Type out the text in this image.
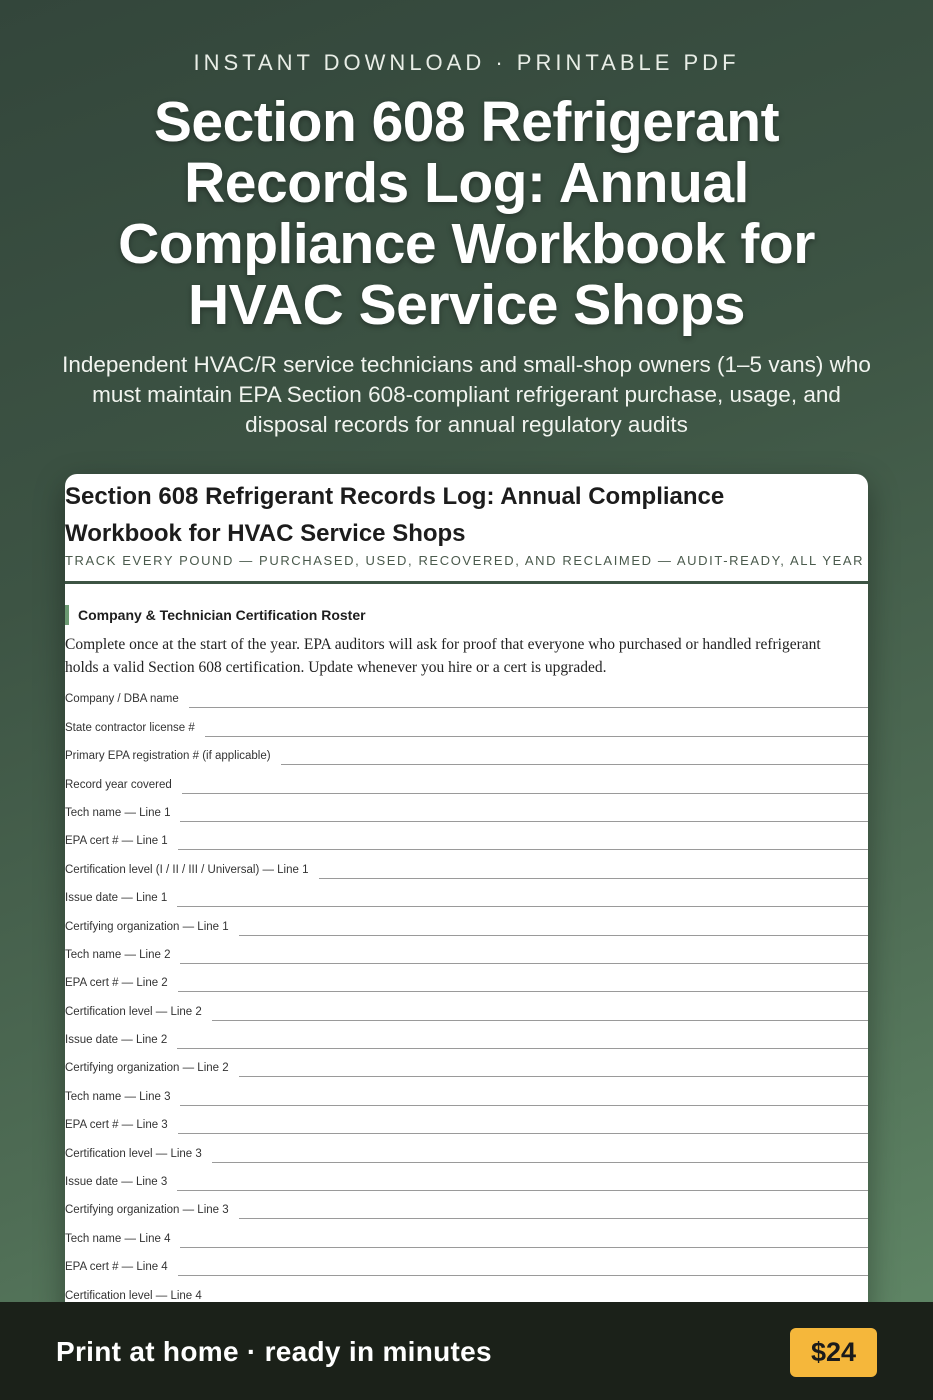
INSTANT DOWNLOAD · PRINTABLE PDF
Section 608 Refrigerant Records Log: Annual Compliance Workbook for HVAC Service Shops

Independent HVAC/R service technicians and small-shop owners (1–5 vans) who must maintain EPA Section 608-compliant refrigerant purchase, usage, and disposal records for annual regulatory audits

Section 608 Refrigerant Records Log: Annual Compliance Workbook for HVAC Service Shops
TRACK EVERY POUND — PURCHASED, USED, RECOVERED, AND RECLAIMED — AUDIT-READY, ALL YEAR
Company & Technician Certification Roster

Complete once at the start of the year. EPA auditors will ask for proof that everyone who purchased or handled refrigerant holds a valid Section 608 certification. Update whenever you hire or a cert is upgraded.

Company / DBA name
State contractor license #
Primary EPA registration # (if applicable)
Record year covered
Tech name — Line 1
EPA cert # — Line 1
Certification level (I / II / III / Universal) — Line 1
Issue date — Line 1
Certifying organization — Line 1
Tech name — Line 2
EPA cert # — Line 2
Certification level — Line 2
Issue date — Line 2
Certifying organization — Line 2
Tech name — Line 3
EPA cert # — Line 3
Certification level — Line 3
Issue date — Line 3
Certifying organization — Line 3
Tech name — Line 4
EPA cert # — Line 4
Certification level — Line 4
Print at home · ready in minutes	$24
